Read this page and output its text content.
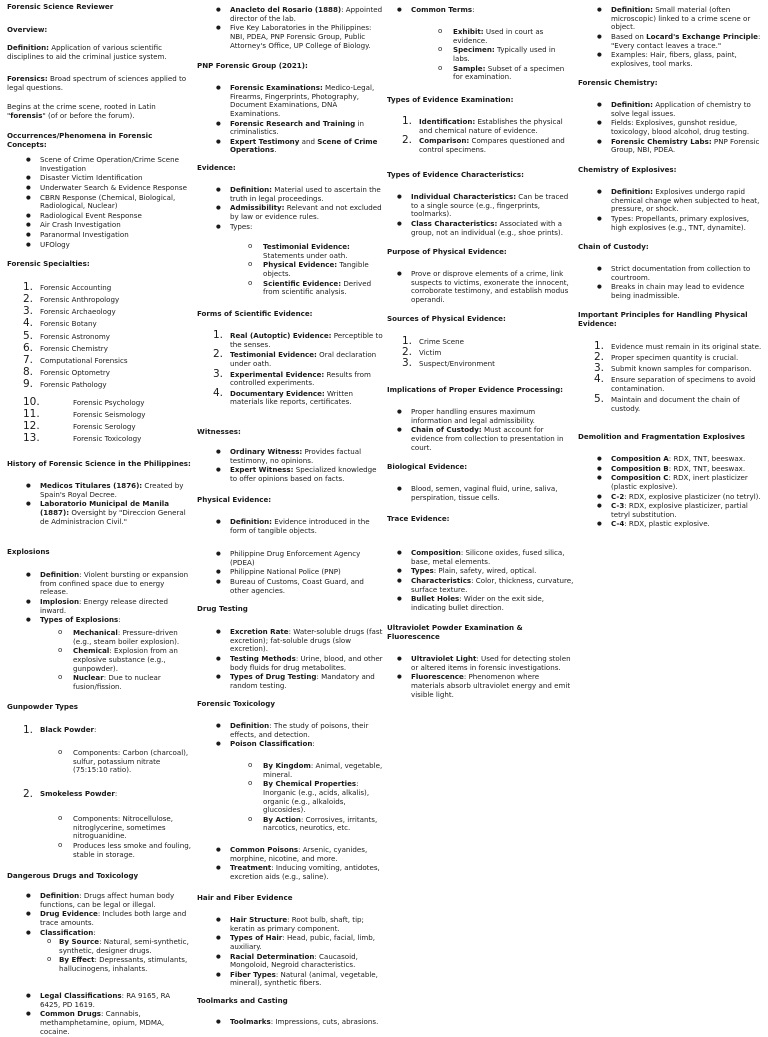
Forensic Science Reviewer
Overview:
Definition: Application of various scientific disciplines to aid the criminal justice system.
Forensics: Broad spectrum of sciences applied to legal questions.
Begins at the crime scene, rooted in Latin "forensis" (of or before the forum).
Occurrences/Phenomena in Forensic Concepts:
● Scene of Crime Operation/Crime Scene Investigation
● Disaster Victim Identification
● Underwater Search & Evidence Response
● CBRN Response (Chemical, Biological, Radiological, Nuclear)
● Radiological Event Response
● Air Crash Investigation
● Paranormal Investigation
● UFOlogy
Forensic Specialties:
1. Forensic Accounting
2. Forensic Anthropology
3. Forensic Archaeology
4. Forensic Botany
5. Forensic Astronomy
6. Forensic Chemistry
7. Computational Forensics
8. Forensic Optometry
9. Forensic Pathology
10.	Forensic Psychology
11.	Forensic Seismology
12.	Forensic Serology
13.	Forensic Toxicology
History of Forensic Science in the Philippines:
● Medicos Titulares (1876): Created by Spain's Royal Decree.
● Laboratorio Municipal de Manila (1887): Oversight by "Direccion General de Administracion Civil."
Explosions
● Definition: Violent bursting or expansion from confined space due to energy release.
● Implosion: Energy release directed inward.
● Types of Explosions:
o Mechanical: Pressure-driven (e.g., steam boiler explosion).
o Chemical: Explosion from an explosive substance (e.g., gunpowder).
o Nuclear: Due to nuclear fusion/fission.
Gunpowder Types
1. Black Powder:
o Components: Carbon (charcoal), sulfur, potassium nitrate (75:15:10 ratio).
2. Smokeless Powder:
o Components: Nitrocellulose, nitroglycerine, sometimes nitroguanidine.
o Produces less smoke and fouling, stable in storage.
Dangerous Drugs and Toxicology
● Definition: Drugs affect human body functions, can be legal or illegal.
● Drug Evidence: Includes both large and trace amounts.
● Classification:
o By Source: Natural, semi-synthetic, synthetic, designer drugs.
o By Effect: Depressants, stimulants, hallucinogens, inhalants.
● Legal Classifications: RA 9165, RA 6425, PD 1619.
● Common Drugs: Cannabis, methamphetamine, opium, MDMA, cocaine.
● Anacleto del Rosario (1888): Appointed director of the lab.
● Five Key Laboratories in the Philippines: NBI, PDEA, PNP Forensic Group, Public Attorney's Office, UP College of Biology.
PNP Forensic Group (2021):
● Forensic Examinations: Medico-Legal, Firearms, Fingerprints, Photography, Document Examinations, DNA Examinations.
● Forensic Research and Training in criminalistics.
● Expert Testimony and Scene of Crime Operations.
Evidence:
● Definition: Material used to ascertain the truth in legal proceedings.
● Admissibility: Relevant and not excluded by law or evidence rules.
● Types:
o Testimonial Evidence: Statements under oath.
o Physical Evidence: Tangible objects.
o Scientific Evidence: Derived from scientific analysis.
Forms of Scientific Evidence:
1. Real (Autoptic) Evidence: Perceptible to the senses.
2. Testimonial Evidence: Oral declaration under oath.
3. Experimental Evidence: Results from controlled experiments.
4. Documentary Evidence: Written materials like reports, certificates.
Witnesses:
● Ordinary Witness: Provides factual testimony, no opinions.
● Expert Witness: Specialized knowledge to offer opinions based on facts.
Physical Evidence:
● Definition: Evidence introduced in the form of tangible objects.
● Philippine Drug Enforcement Agency (PDEA)
● Philippine National Police (PNP)
● Bureau of Customs, Coast Guard, and other agencies.
Drug Testing
● Excretion Rate: Water-soluble drugs (fast excretion); fat-soluble drugs (slow excretion).
● Testing Methods: Urine, blood, and other body fluids for drug metabolites.
● Types of Drug Testing: Mandatory and random testing.
Forensic Toxicology
● Definition: The study of poisons, their effects, and detection.
● Poison Classification:
o By Kingdom: Animal, vegetable, mineral.
o By Chemical Properties: Inorganic (e.g., acids, alkalis), organic (e.g., alkaloids, glucosides).
o By Action: Corrosives, irritants, narcotics, neurotics, etc.
● Common Poisons: Arsenic, cyanides, morphine, nicotine, and more.
● Treatment: Inducing vomiting, antidotes, excretion aids (e.g., saline).
Hair and Fiber Evidence
● Hair Structure: Root bulb, shaft, tip; keratin as primary component.
● Types of Hair: Head, pubic, facial, limb, auxiliary.
● Racial Determination: Caucasoid, Mongoloid, Negroid characteristics.
● Fiber Types: Natural (animal, vegetable, mineral), synthetic fibers.
Toolmarks and Casting
● Toolmarks: Impressions, cuts, abrasions.
● Common Terms:
o Exhibit: Used in court as evidence.
o Specimen: Typically used in labs.
o Sample: Subset of a specimen for examination.
Types of Evidence Examination:
1. Identification: Establishes the physical and chemical nature of evidence.
2. Comparison: Compares questioned and control specimens.
Types of Evidence Characteristics:
● Individual Characteristics: Can be traced to a single source (e.g., fingerprints, toolmarks).
● Class Characteristics: Associated with a group, not an individual (e.g., shoe prints).
Purpose of Physical Evidence:
● Prove or disprove elements of a crime, link suspects to victims, exonerate the innocent, corroborate testimony, and establish modus operandi.
Sources of Physical Evidence:
1. Crime Scene
2. Victim
3. Suspect/Environment
Implications of Proper Evidence Processing:
● Proper handling ensures maximum information and legal admissibility.
● Chain of Custody: Must account for evidence from collection to presentation in court.
Biological Evidence:
● Blood, semen, vaginal fluid, urine, saliva, perspiration, tissue cells.
Trace Evidence:
● Composition: Silicone oxides, fused silica, base, metal elements.
● Types: Plain, safety, wired, optical.
● Characteristics: Color, thickness, curvature, surface texture.
● Bullet Holes: Wider on the exit side, indicating bullet direction.
Ultraviolet Powder Examination & Fluorescence
● Ultraviolet Light: Used for detecting stolen or altered items in forensic investigations.
● Fluorescence: Phenomenon where materials absorb ultraviolet energy and emit visible light.
● Definition: Small material (often microscopic) linked to a crime scene or object.
● Based on Locard's Exchange Principle: "Every contact leaves a trace."
● Examples: Hair, fibers, glass, paint, explosives, tool marks.
Forensic Chemistry:
● Definition: Application of chemistry to solve legal issues.
● Fields: Explosives, gunshot residue, toxicology, blood alcohol, drug testing.
● Forensic Chemistry Labs: PNP Forensic Group, NBI, PDEA.
Chemistry of Explosives:
● Definition: Explosives undergo rapid chemical change when subjected to heat, pressure, or shock.
● Types: Propellants, primary explosives, high explosives (e.g., TNT, dynamite).
Chain of Custody:
● Strict documentation from collection to courtroom.
● Breaks in chain may lead to evidence being inadmissible.
Important Principles for Handling Physical Evidence:
1. Evidence must remain in its original state.
2. Proper specimen quantity is crucial.
3. Submit known samples for comparison.
4. Ensure separation of specimens to avoid contamination.
5. Maintain and document the chain of custody.
Demolition and Fragmentation Explosives
● Composition A: RDX, TNT, beeswax.
● Composition B: RDX, TNT, beeswax.
● Composition C: RDX, inert plasticizer (plastic explosive).
● C-2: RDX, explosive plasticizer (no tetryl).
● C-3: RDX, explosive plasticizer, partial tetryl substitution.
● C-4: RDX, plastic explosive.
